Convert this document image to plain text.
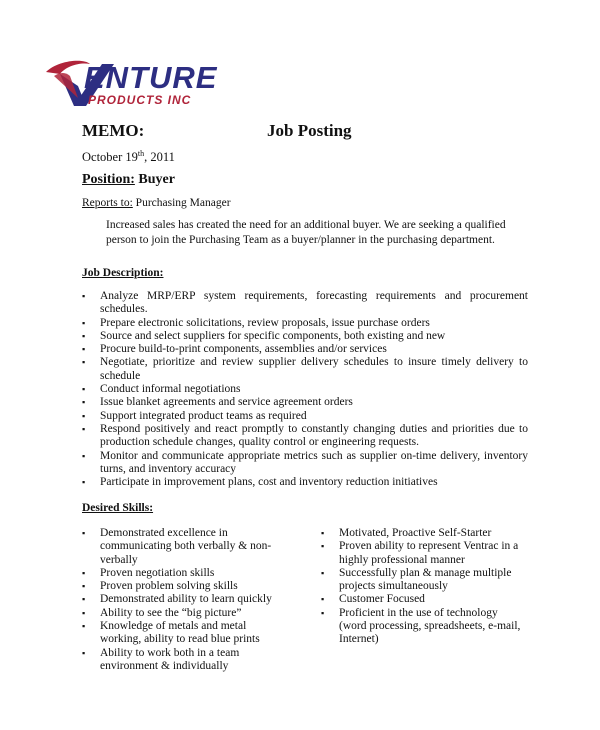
ENTURE
PRODUCTS INC
MEMO:	Job Posting
October 19th, 2011
Position: Buyer
Reports to: Purchasing Manager
Increased sales has created the need for an additional buyer. We are seeking a qualified person to join the Purchasing Team as a buyer/planner in the purchasing department.
Job Description:
▪ Analyze MRP/ERP system requirements, forecasting requirements and procurement schedules.
▪ Prepare electronic solicitations, review proposals, issue purchase orders
▪ Source and select suppliers for specific components, both existing and new
▪ Procure build-to-print components, assemblies and/or services
▪ Negotiate, prioritize and review supplier delivery schedules to insure timely delivery to schedule
▪ Conduct informal negotiations
▪ Issue blanket agreements and service agreement orders
▪ Support integrated product teams as required
▪ Respond positively and react promptly to constantly changing duties and priorities due to production schedule changes, quality control or engineering requests.
▪ Monitor and communicate appropriate metrics such as supplier on-time delivery, inventory turns, and inventory accuracy
▪ Participate in improvement plans, cost and inventory reduction initiatives
Desired Skills:
▪ Demonstrated excellence in communicating both verbally & non-verbally
▪ Proven negotiation skills
▪ Proven problem solving skills
▪ Demonstrated ability to learn quickly
▪ Ability to see the “big picture”
▪ Knowledge of metals and metal working, ability to read blue prints
▪ Ability to work both in a team environment & individually
▪ Motivated, Proactive Self-Starter
▪ Proven ability to represent Ventrac in a highly professional manner
▪ Successfully plan & manage multiple projects simultaneously
▪ Customer Focused
▪ Proficient in the use of technology (word processing, spreadsheets, e-mail, Internet)
